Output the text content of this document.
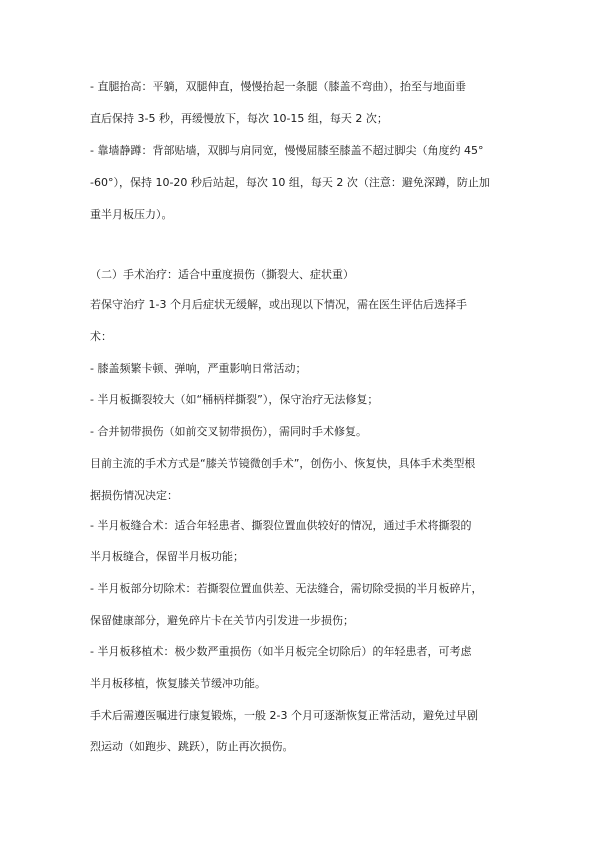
- 直腿抬高：平躺，双腿伸直，慢慢抬起一条腿（膝盖不弯曲），抬至与地面垂
直后保持 3-5 秒，再缓慢放下，每次 10-15 组，每天 2 次；
- 靠墙静蹲：背部贴墙，双脚与肩同宽，慢慢屈膝至膝盖不超过脚尖（角度约 45°
-60°），保持 10-20 秒后站起，每次 10 组，每天 2 次（注意：避免深蹲，防止加
重半月板压力）。
（二）手术治疗：适合中重度损伤（撕裂大、症状重）
若保守治疗 1-3 个月后症状无缓解，或出现以下情况，需在医生评估后选择手
术：
- 膝盖频繁卡顿、弹响，严重影响日常活动；
- 半月板撕裂较大（如“桶柄样撕裂”），保守治疗无法修复；
- 合并韧带损伤（如前交叉韧带损伤），需同时手术修复。
目前主流的手术方式是“膝关节镜微创手术”，创伤小、恢复快，具体手术类型根
据损伤情况决定：
- 半月板缝合术：适合年轻患者、撕裂位置血供较好的情况，通过手术将撕裂的
半月板缝合，保留半月板功能；
- 半月板部分切除术：若撕裂位置血供差、无法缝合，需切除受损的半月板碎片，
保留健康部分，避免碎片卡在关节内引发进一步损伤；
- 半月板移植术：极少数严重损伤（如半月板完全切除后）的年轻患者，可考虑
半月板移植，恢复膝关节缓冲功能。
手术后需遵医嘱进行康复锻炼，一般 2-3 个月可逐渐恢复正常活动，避免过早剧
烈运动（如跑步、跳跃），防止再次损伤。
